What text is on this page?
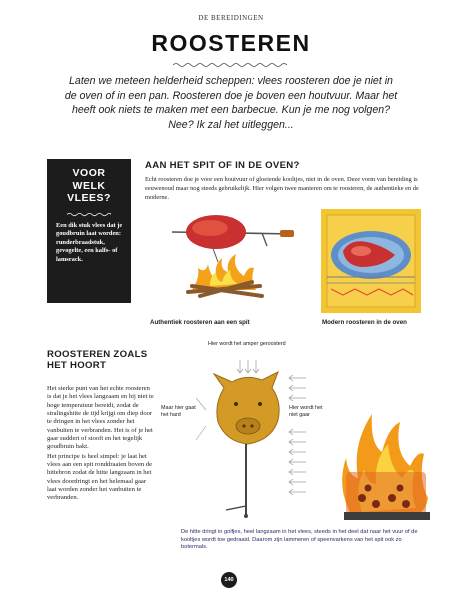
DE BEREIDINGEN
ROOSTEREN
Laten we meteen helderheid scheppen: vlees roosteren doe je niet in de oven of in een pan. Roosteren doe je boven een houtvuur. Maar het heeft ook niets te maken met een barbecue. Kun je me nog volgen? Nee? Ik zal het uitleggen...
VOOR
WELK
VLEES?
Een dik stuk vlees dat je goudbruin laat worden: runderbraadstuk, gevogelte, een kalfs- of lamsrack.
AAN HET SPIT OF IN DE OVEN?
Echt roosteren doe je voor een houtvuur of gloeiende kooltjes, niet in de oven. Deze vorm van bereiding is eeuwenoud maar nog steeds gebruikelijk. Hier volgen twee manieren om te roosteren, de authentieke en de moderne.
Authentiek roosteren aan een spit	Modern roosteren in de oven
ROOSTEREN ZOALS HET HOORT

Het sterke punt van het echte roosteren is dat je het vlees langzaam en bij niet te hoge temperatuur bereidt, zodat de stralingshitte de tijd krijgt om diep door te dringen in het vlees zonder het vanbuiten te verbranden. Het is of je het gaar suddert of stooft en het tegelijk goudbruin bakt.

Het principe is heel simpel: je laat het vlees aan een spit ronddraaien boven de hittebron zodat de hitte langzaam in het vlees doordringt en het helemaal gaar laat worden zonder het vanbuiten te verbranden.

Hier wordt het amper geroosterd
Maar hier gaat het hard
Hier wordt het niet gaar
De hitte dringt in golfjes, heel langzaam in het vlees, steeds in het deel dat naar het vuur of de kooltjes wordt toe gedraaid. Daarom zijn lammeren of speenvarkens van het spit ook zo botermals.
140
